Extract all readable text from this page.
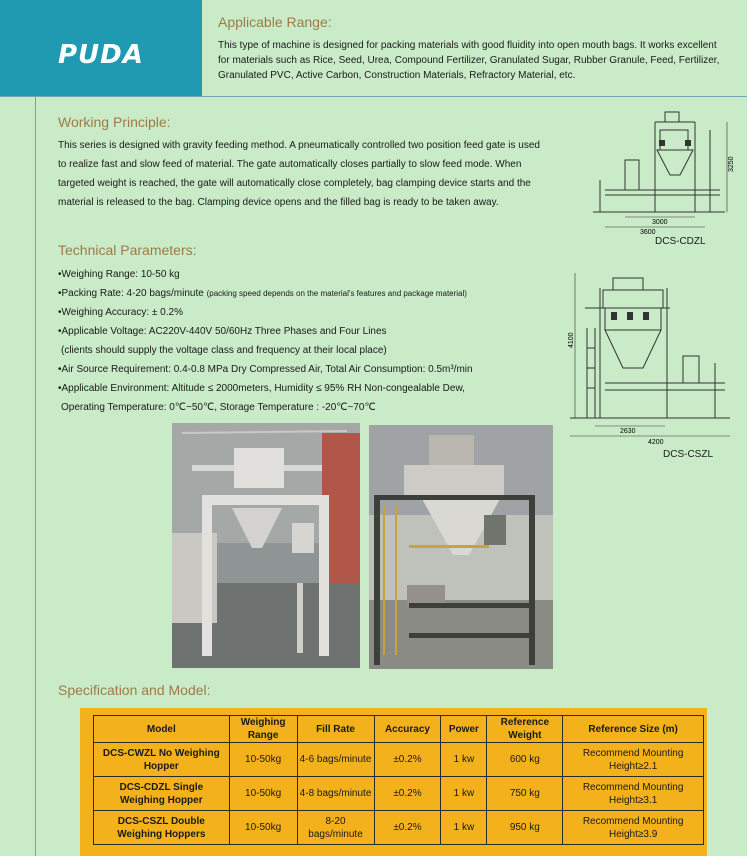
PUDA
Applicable Range:
This type of machine is designed for packing materials with good fluidity into open mouth bags. It works excellent for materials such as Rice, Seed, Urea, Compound Fertilizer, Granulated Sugar, Rubber Granule, Feed, Fertilizer, Granulated PVC, Active Carbon, Construction Materials, Refractory Material, etc.
Working Principle:
This series is designed with gravity feeding method. A pneumatically controlled two position feed gate is used to realize fast and slow feed of material. The gate automatically closes partially to slow feed mode. When targeted weight is reached, the gate will automatically close completely, bag clamping device starts and the material is released to the bag. Clamping device opens and the filled bag is ready to be taken away.
Technical Parameters:
•Weighing Range: 10-50 kg
•Packing Rate: 4-20 bags/minute (packing speed depends on the material's features and package material)
•Weighing Accuracy: ± 0.2%
•Applicable Voltage: AC220V-440V 50/60Hz Three Phases and Four Lines
(clients should supply the voltage class and frequency at their local place)
•Air Source Requirement: 0.4-0.8 MPa Dry Compressed Air, Total Air Consumption: 0.5m³/min
•Applicable Environment: Altitude ≤ 2000meters, Humidity ≤ 95% RH Non-congealable Dew,
Operating Temperature: 0℃~50℃, Storage Temperature : -20℃~70℃
3000
3600
3250
DCS-CDZL
4100
2630
4200
DCS-CSZL
Specification and Model:
Model	Weighing Range	Fill Rate	Accuracy	Power	Reference Weight	Reference Size (m)
DCS-CWZL No Weighing Hopper	10-50kg	4-6 bags/minute	±0.2%	1 kw	600 kg	Recommend Mounting Height≥2.1
DCS-CDZL Single Weighing Hopper	10-50kg	4-8 bags/minute	±0.2%	1 kw	750 kg	Recommend Mounting Height≥3.1
DCS-CSZL Double Weighing Hoppers	10-50kg	8-20 bags/minute	±0.2%	1 kw	950 kg	Recommend Mounting Height≥3.9
